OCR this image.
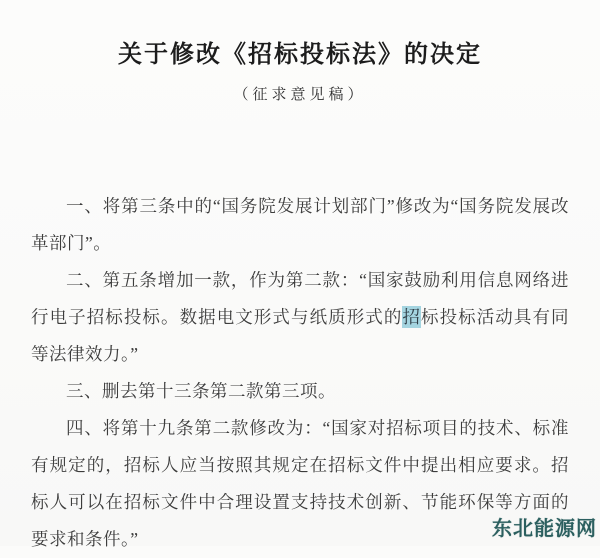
关于修改《招标投标法》的决定
（征求意见稿）

一、将第三条中的“国务院发展计划部门”修改为“国务院发展改革部门”。

二、第五条增加一款，作为第二款：“国家鼓励利用信息网络进行电子招标投标。数据电文形式与纸质形式的招标投标活动具有同等法律效力。”

三、删去第十三条第二款第三项。

四、将第十九条第二款修改为：“国家对招标项目的技术、标准有规定的，招标人应当按照其规定在招标文件中提出相应要求。招标人可以在招标文件中合理设置支持技术创新、节能环保等方面的要求和条件。”	东北能源网
